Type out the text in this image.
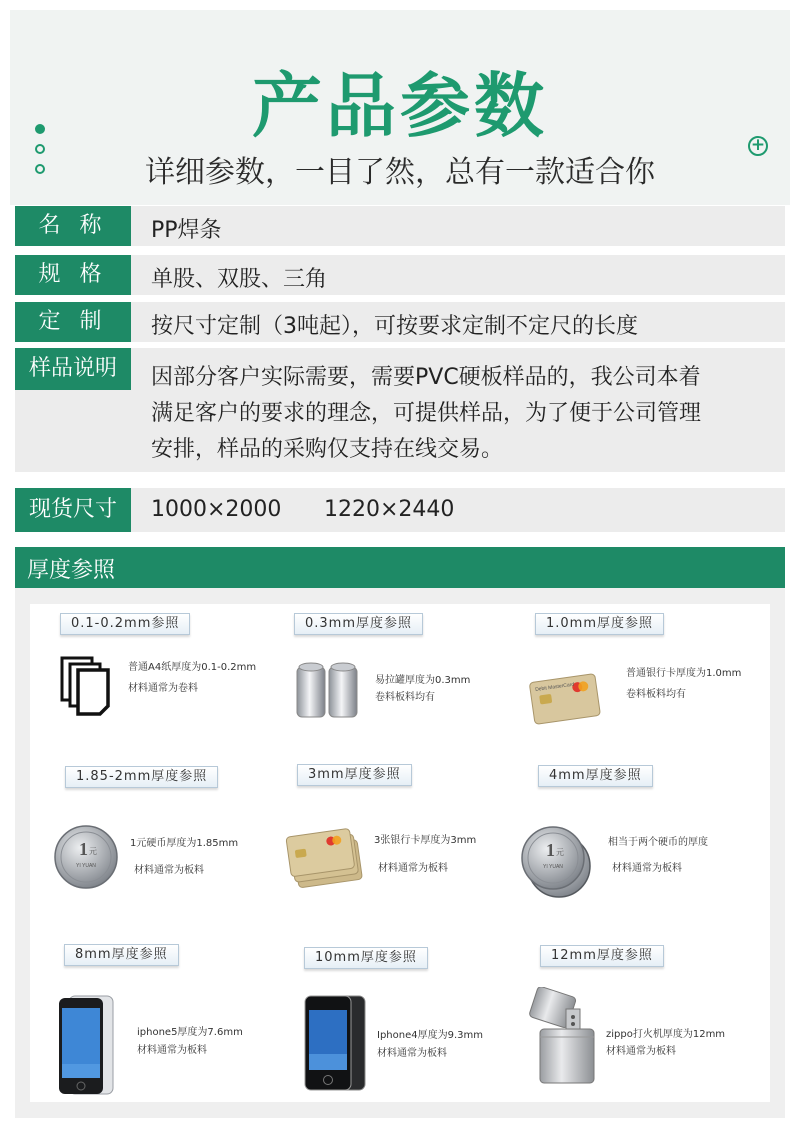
产品参数
详细参数，一目了然，总有一款适合你
+
名 称	PP焊条
规 格	单股、双股、三角
定 制	按尺寸定制（3吨起），可按要求定制不定尺的长度
样品说明	因部分客户实际需要，需要PVC硬板样品的，我公司本着
满足客户的要求的理念，可提供样品，为了便于公司管理
安排，样品的采购仅支持在线交易。
现货尺寸	1000×2000 1220×2440
厚度参照
0.1-0.2mm参照
普通A4纸厚度为0.1-0.2mm
材料通常为卷料
0.3mm厚度参照
易拉罐厚度为0.3mm
卷料板料均有
1.0mm厚度参照
Debit MasterCard
普通银行卡厚度为1.0mm
卷料板料均有
1.85-2mm厚度参照
1 元
YI YUAN
1元硬币厚度为1.85mm
材料通常为板料
3mm厚度参照
3张银行卡厚度为3mm
材料通常为板料
4mm厚度参照
1 元
YI YUAN
相当于两个硬币的厚度
材料通常为板料
8mm厚度参照
iphone5厚度为7.6mm
材料通常为板料
10mm厚度参照
Iphone4厚度为9.3mm
材料通常为板料
12mm厚度参照
zippo打火机厚度为12mm
材料通常为板料
